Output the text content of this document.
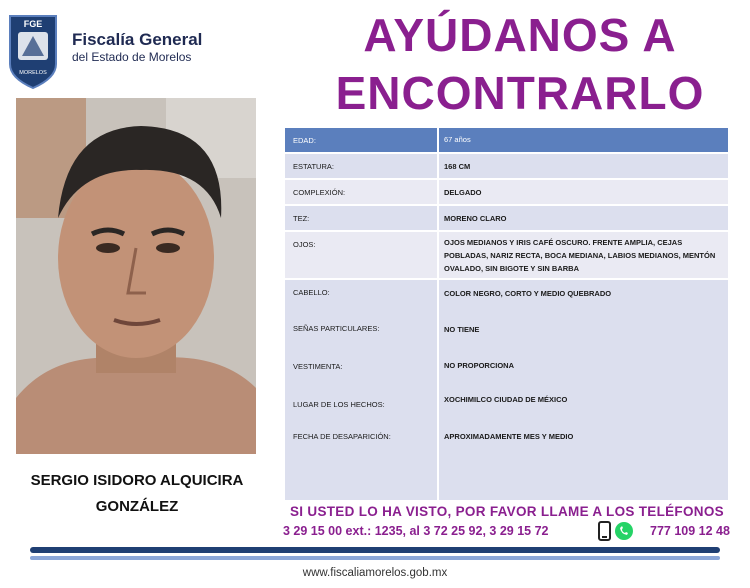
FGE
MORELOS
Fiscalía General
del Estado de Morelos	AYÚDANOS A
ENCONTRARLO
SERGIO ISIDORO ALQUICIRA
GONZÁLEZ
EDAD:	67 años
ESTATURA:	168 CM
COMPLEXIÓN:	DELGADO
TEZ:	MORENO CLARO
OJOS:	OJOS MEDIANOS Y IRIS CAFÉ OSCURO. FRENTE AMPLIA, CEJAS POBLADAS, NARIZ RECTA, BOCA MEDIANA, LABIOS MEDIANOS, MENTÓN OVALADO, SIN BIGOTE Y SIN BARBA
CABELLO:	COLOR NEGRO, CORTO Y MEDIO QUEBRADO
SEÑAS PARTICULARES:	NO TIENE
VESTIMENTA:	NO PROPORCIONA
LUGAR DE LOS HECHOS:
XOCHIMILCO CIUDAD DE MÉXICO
FECHA DE DESAPARICIÓN:	APROXIMADAMENTE MES Y MEDIO
SI USTED LO HA VISTO, POR FAVOR LLAME A LOS TELÉFONOS
3 29 15 00 ext.: 1235, al 3 72 25 92, 3 29 15 72	777 109 12 48
www.fiscaliamorelos.gob.mx
